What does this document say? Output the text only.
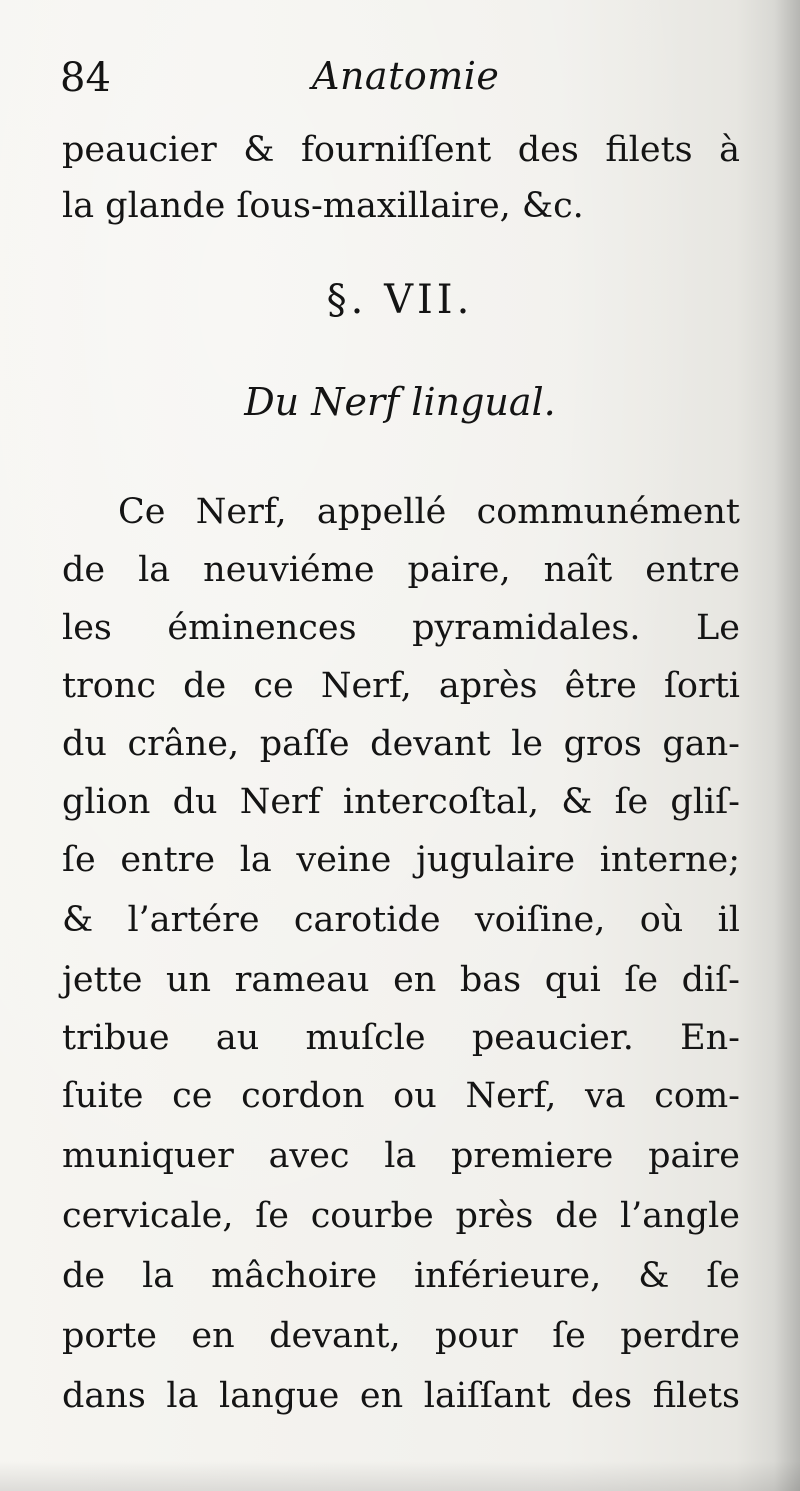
84	Anatomie
peaucier & fourniſſent des filets à
la glande ſous-maxillaire, &c.
§. VII.
Du Nerf lingual.
Ce Nerf, appellé communément
de la neuviéme paire, naît entre
les éminences pyramidales. Le
tronc de ce Nerf, après être ſorti
du crâne, paſſe devant le gros gan-
glion du Nerf intercoſtal, & ſe gliſ-
ſe entre la veine jugulaire interne;
& l’artére carotide voiſine, où il
jette un rameau en bas qui ſe diſ-
tribue au muſcle peaucier. En-
ſuite ce cordon ou Nerf, va com-
muniquer avec la premiere paire
cervicale, ſe courbe près de l’angle
de la mâchoire inférieure, & ſe
porte en devant, pour ſe perdre
dans la langue en laiſſant des filets
